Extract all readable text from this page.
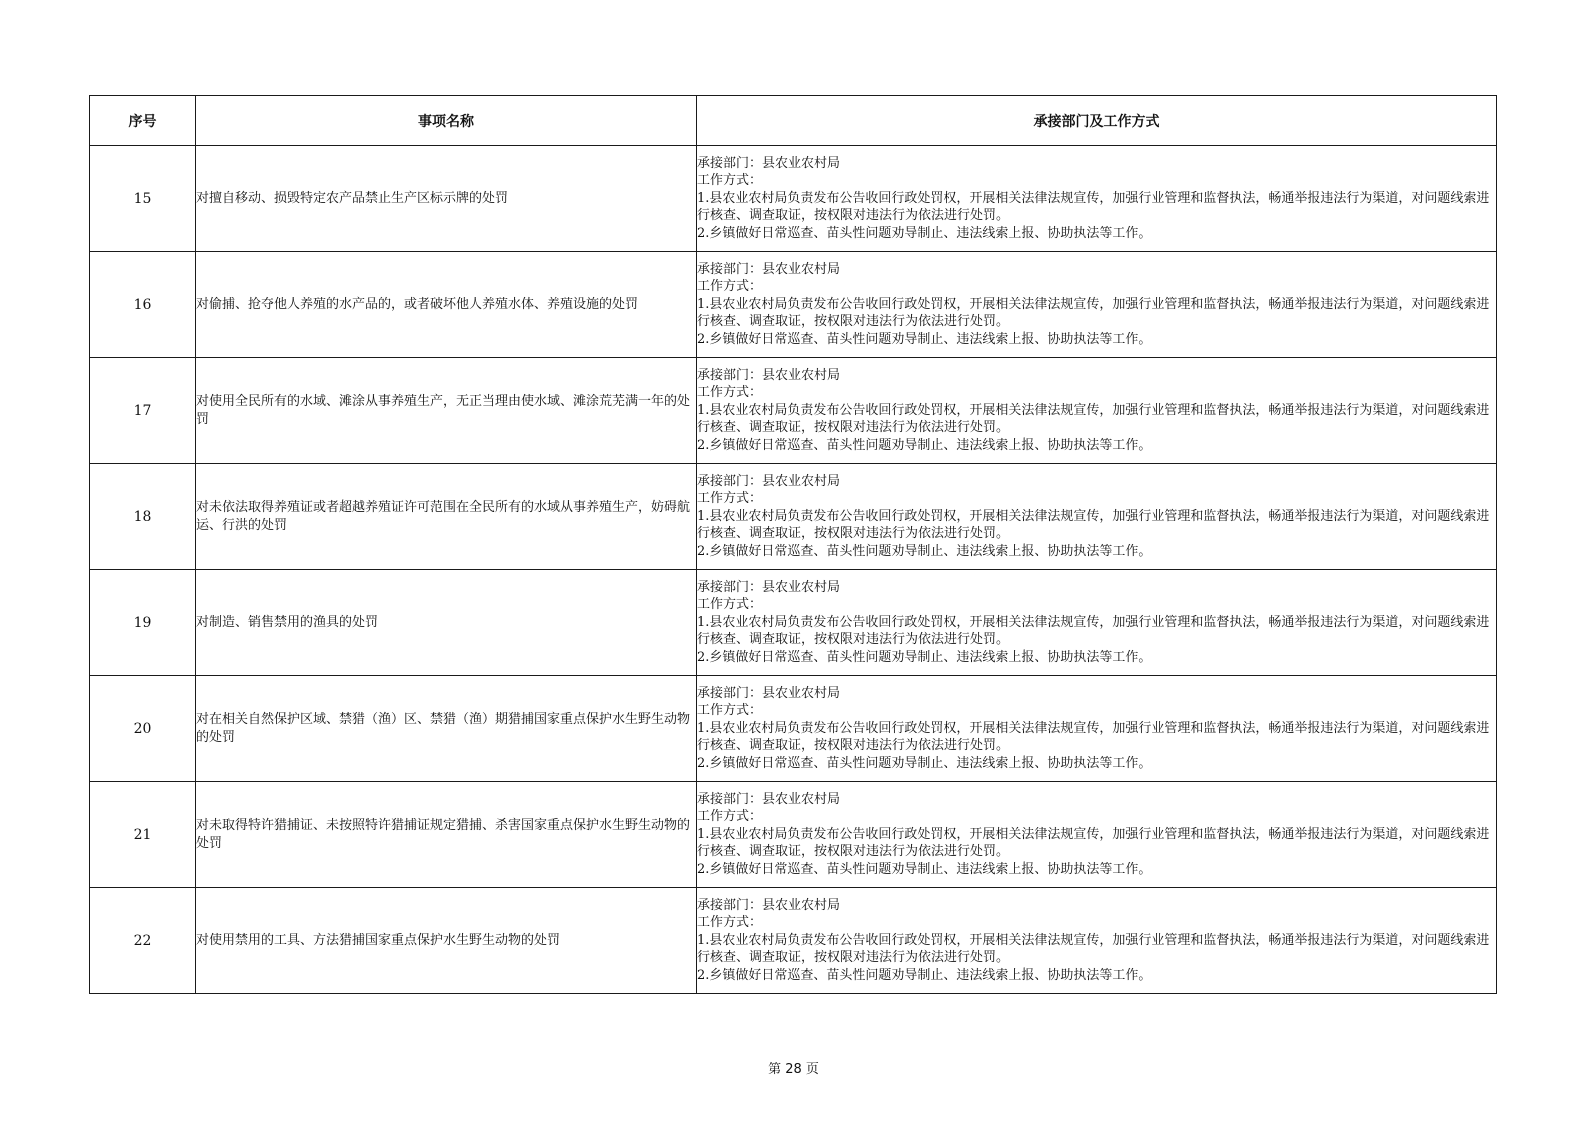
序号	事项名称	承接部门及工作方式
15	对擅自移动、损毁特定农产品禁止生产区标示牌的处罚	承接部门：县农业农村局
工作方式：
1.县农业农村局负责发布公告收回行政处罚权，开展相关法律法规宣传，加强行业管理和监督执法，畅通举报违法行为渠道，对问题线索进行核查、调查取证，按权限对违法行为依法进行处罚。
2.乡镇做好日常巡查、苗头性问题劝导制止、违法线索上报、协助执法等工作。

16	对偷捕、抢夺他人养殖的水产品的，或者破坏他人养殖水体、养殖设施的处罚	承接部门：县农业农村局
工作方式：
1.县农业农村局负责发布公告收回行政处罚权，开展相关法律法规宣传，加强行业管理和监督执法，畅通举报违法行为渠道，对问题线索进行核查、调查取证，按权限对违法行为依法进行处罚。
2.乡镇做好日常巡查、苗头性问题劝导制止、违法线索上报、协助执法等工作。

17	对使用全民所有的水域、滩涂从事养殖生产，无正当理由使水域、滩涂荒芜满一年的处罚	承接部门：县农业农村局
工作方式：
1.县农业农村局负责发布公告收回行政处罚权，开展相关法律法规宣传，加强行业管理和监督执法，畅通举报违法行为渠道，对问题线索进行核查、调查取证，按权限对违法行为依法进行处罚。
2.乡镇做好日常巡查、苗头性问题劝导制止、违法线索上报、协助执法等工作。

18	对未依法取得养殖证或者超越养殖证许可范围在全民所有的水域从事养殖生产，妨碍航运、行洪的处罚	承接部门：县农业农村局
工作方式：
1.县农业农村局负责发布公告收回行政处罚权，开展相关法律法规宣传，加强行业管理和监督执法，畅通举报违法行为渠道，对问题线索进行核查、调查取证，按权限对违法行为依法进行处罚。
2.乡镇做好日常巡查、苗头性问题劝导制止、违法线索上报、协助执法等工作。

19	对制造、销售禁用的渔具的处罚	承接部门：县农业农村局
工作方式：
1.县农业农村局负责发布公告收回行政处罚权，开展相关法律法规宣传，加强行业管理和监督执法，畅通举报违法行为渠道，对问题线索进行核查、调查取证，按权限对违法行为依法进行处罚。
2.乡镇做好日常巡查、苗头性问题劝导制止、违法线索上报、协助执法等工作。

20	对在相关自然保护区域、禁猎（渔）区、禁猎（渔）期猎捕国家重点保护水生野生动物的处罚	承接部门：县农业农村局
工作方式：
1.县农业农村局负责发布公告收回行政处罚权，开展相关法律法规宣传，加强行业管理和监督执法，畅通举报违法行为渠道，对问题线索进行核查、调查取证，按权限对违法行为依法进行处罚。
2.乡镇做好日常巡查、苗头性问题劝导制止、违法线索上报、协助执法等工作。

21	对未取得特许猎捕证、未按照特许猎捕证规定猎捕、杀害国家重点保护水生野生动物的处罚	承接部门：县农业农村局
工作方式：
1.县农业农村局负责发布公告收回行政处罚权，开展相关法律法规宣传，加强行业管理和监督执法，畅通举报违法行为渠道，对问题线索进行核查、调查取证，按权限对违法行为依法进行处罚。
2.乡镇做好日常巡查、苗头性问题劝导制止、违法线索上报、协助执法等工作。

22	对使用禁用的工具、方法猎捕国家重点保护水生野生动物的处罚	承接部门：县农业农村局
工作方式：
1.县农业农村局负责发布公告收回行政处罚权，开展相关法律法规宣传，加强行业管理和监督执法，畅通举报违法行为渠道，对问题线索进行核查、调查取证，按权限对违法行为依法进行处罚。
2.乡镇做好日常巡查、苗头性问题劝导制止、违法线索上报、协助执法等工作。
第 28 页
